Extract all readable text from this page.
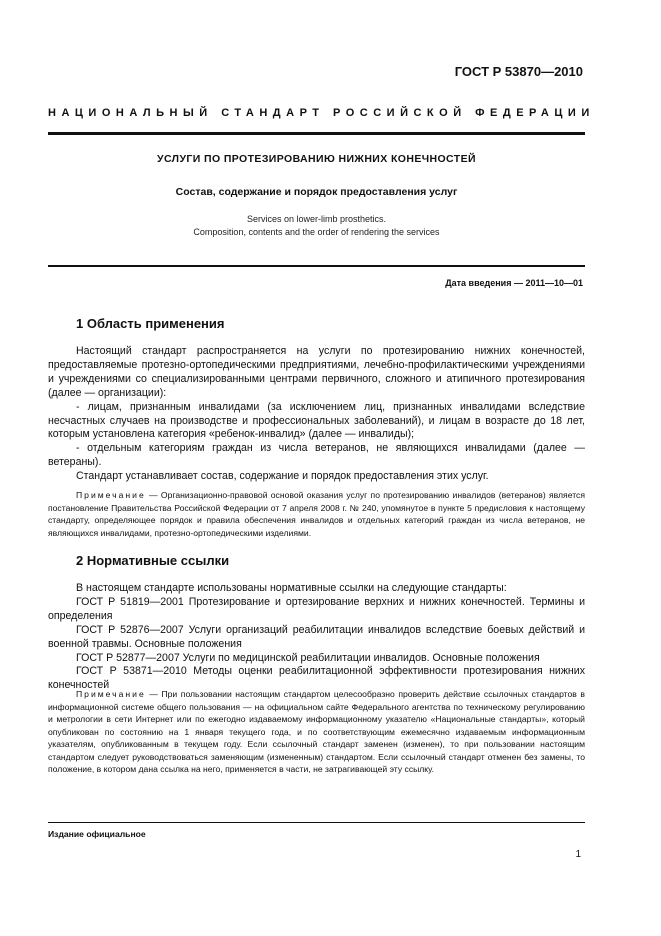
ГОСТ Р 53870—2010
НАЦИОНАЛЬНЫЙ СТАНДАРТ РОССИЙСКОЙ ФЕДЕРАЦИИ
УСЛУГИ ПО ПРОТЕЗИРОВАНИЮ НИЖНИХ КОНЕЧНОСТЕЙ
Состав, содержание и порядок предоставления услуг
Services on lower-limb prosthetics.
Composition, contents and the order of rendering the services
Дата введения — 2011—10—01
1 Область применения

Настоящий стандарт распространяется на услуги по протезированию нижних конечностей, предоставляемые протезно-ортопедическими предприятиями, лечебно-профилактическими учреждениями и учреждениями со специализированными центрами первичного, сложного и атипичного протезирования (далее — организации):

- лицам, признанным инвалидами (за исключением лиц, признанных инвалидами вследствие несчастных случаев на производстве и профессиональных заболеваний), и лицам в возрасте до 18 лет, которым установлена категория «ребенок-инвалид» (далее — инвалиды);

- отдельным категориям граждан из числа ветеранов, не являющихся инвалидами (далее — ветераны).

Стандарт устанавливает состав, содержание и порядок предоставления этих услуг.

Примечание — Организационно-правовой основой оказания услуг по протезированию инвалидов (ветеранов) является постановление Правительства Российской Федерации от 7 апреля 2008 г. № 240, упомянутое в пункте 5 предисловия к настоящему стандарту, определяющее порядок и правила обеспечения инвалидов и отдельных категорий граждан из числа ветеранов, не являющихся инвалидами, протезно-ортопедическими изделиями.

2 Нормативные ссылки

В настоящем стандарте использованы нормативные ссылки на следующие стандарты:

ГОСТ Р 51819—2001 Протезирование и ортезирование верхних и нижних конечностей. Термины и определения

ГОСТ Р 52876—2007 Услуги организаций реабилитации инвалидов вследствие боевых действий и военной травмы. Основные положения

ГОСТ Р 52877—2007 Услуги по медицинской реабилитации инвалидов. Основные положения

ГОСТ Р 53871—2010 Методы оценки реабилитационной эффективности протезирования нижних конечностей

Примечание — При пользовании настоящим стандартом целесообразно проверить действие ссылочных стандартов в информационной системе общего пользования — на официальном сайте Федерального агентства по техническому регулированию и метрологии в сети Интернет или по ежегодно издаваемому информационному указателю «Национальные стандарты», который опубликован по состоянию на 1 января текущего года, и по соответствующим ежемесячно издаваемым информационным указателям, опубликованным в текущем году. Если ссылочный стандарт заменен (изменен), то при пользовании настоящим стандартом следует руководствоваться заменяющим (измененным) стандартом. Если ссылочный стандарт отменен без замены, то положение, в котором дана ссылка на него, применяется в части, не затрагивающей эту ссылку.

Издание официальное
1
